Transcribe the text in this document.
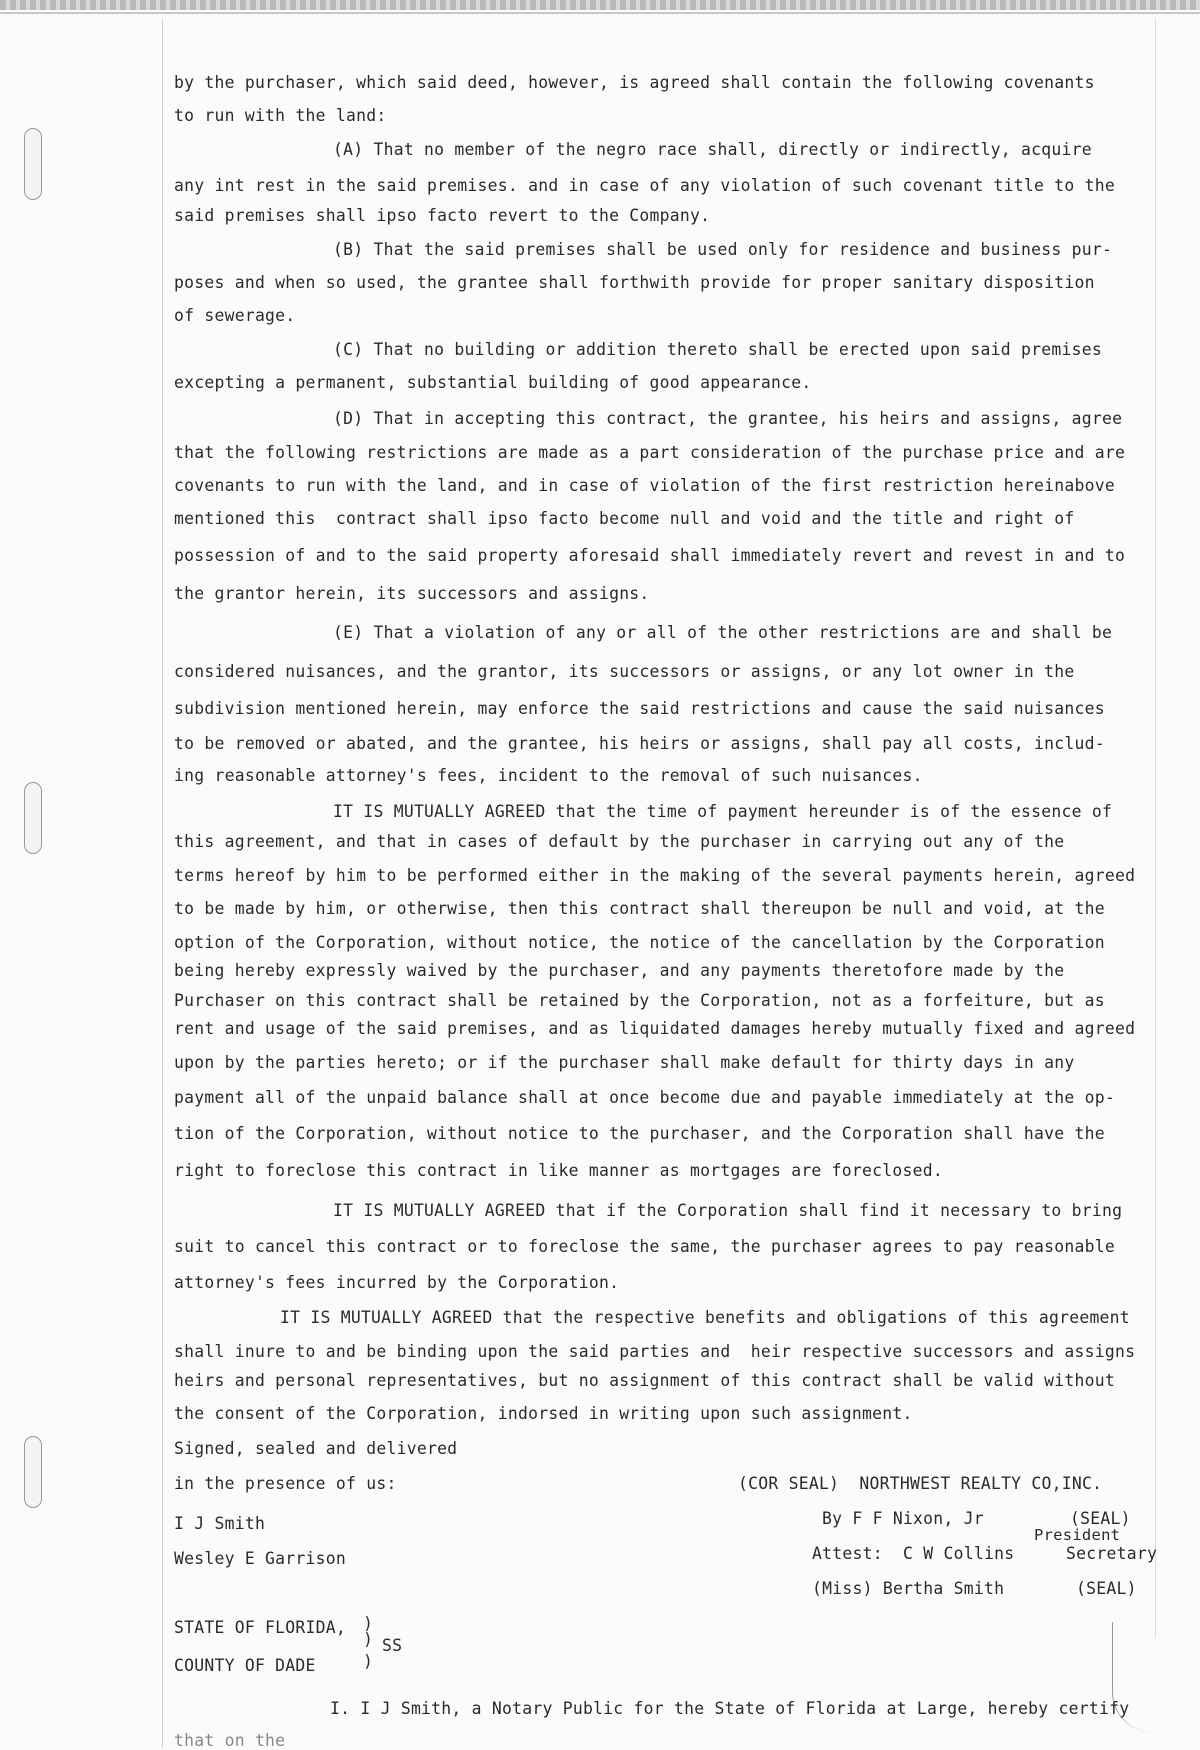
by the purchaser, which said deed, however, is agreed shall contain the following covenants
to run with the land:
(A) That no member of the negro race shall, directly or indirectly, acquire
any int rest in the said premises. and in case of any violation of such covenant title to the
said premises shall ipso facto revert to the Company.
(B) That the said premises shall be used only for residence and business pur-
poses and when so used, the grantee shall forthwith provide for proper sanitary disposition
of sewerage.
(C) That no building or addition thereto shall be erected upon said premises
excepting a permanent, substantial building of good appearance.
(D) That in accepting this contract, the grantee, his heirs and assigns, agree
that the following restrictions are made as a part consideration of the purchase price and are
covenants to run with the land, and in case of violation of the first restriction hereinabove
mentioned this  contract shall ipso facto become null and void and the title and right of
possession of and to the said property aforesaid shall immediately revert and revest in and to
the grantor herein, its successors and assigns.
(E) That a violation of any or all of the other restrictions are and shall be
considered nuisances, and the grantor, its successors or assigns, or any lot owner in the
subdivision mentioned herein, may enforce the said restrictions and cause the said nuisances
to be removed or abated, and the grantee, his heirs or assigns, shall pay all costs, includ-
ing reasonable attorney's fees, incident to the removal of such nuisances.
IT IS MUTUALLY AGREED that the time of payment hereunder is of the essence of
this agreement, and that in cases of default by the purchaser in carrying out any of the
terms hereof by him to be performed either in the making of the several payments herein, agreed
to be made by him, or otherwise, then this contract shall thereupon be null and void, at the
option of the Corporation, without notice, the notice of the cancellation by the Corporation
being hereby expressly waived by the purchaser, and any payments theretofore made by the
Purchaser on this contract shall be retained by the Corporation, not as a forfeiture, but as
rent and usage of the said premises, and as liquidated damages hereby mutually fixed and agreed
upon by the parties hereto; or if the purchaser shall make default for thirty days in any
payment all of the unpaid balance shall at once become due and payable immediately at the op-
tion of the Corporation, without notice to the purchaser, and the Corporation shall have the
right to foreclose this contract in like manner as mortgages are foreclosed.
IT IS MUTUALLY AGREED that if the Corporation shall find it necessary to bring
suit to cancel this contract or to foreclose the same, the purchaser agrees to pay reasonable
attorney's fees incurred by the Corporation.
IT IS MUTUALLY AGREED that the respective benefits and obligations of this agreement
shall inure to and be binding upon the said parties and  heir respective successors and assigns
heirs and personal representatives, but no assignment of this contract shall be valid without
the consent of the Corporation, indorsed in writing upon such assignment.
Signed, sealed and delivered
in the presence of us:	(COR SEAL)  NORTHWEST REALTY CO,INC.
I J Smith	By F F Nixon, Jr	(SEAL)
President
Wesley E Garrison	Attest:  C W Collins	Secretary
(Miss) Bertha Smith	(SEAL)
STATE OF FLORIDA, )
) SS
COUNTY OF DADE	)
I. I J Smith, a Notary Public for the State of Florida at Large, hereby certify
that on the
